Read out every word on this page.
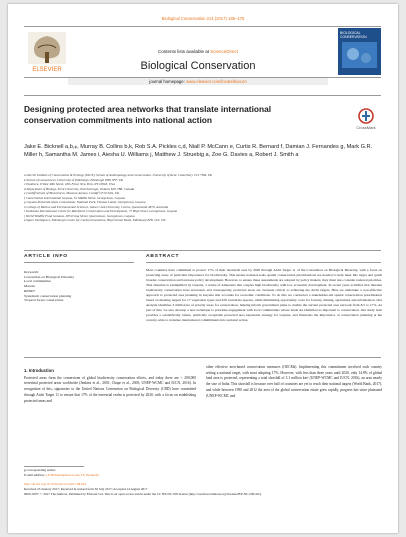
Biological Conservation 214 (2017) 168–175
ELSEVIER
Contents lists available at ScienceDirect
Biological Conservation
journal homepage: www.elsevier.com/locate/biocon
BIOLOGICAL CONSERVATION
Designing protected area networks that translate international conservation commitments into national action
CrossMark
Jake E. Bicknell a,b,⁎, Murray B. Collins b,k, Rob S.A. Pickles c,d, Niall P. McCann e, Curtis R. Bernard f, Damian J. Fernandes g, Mark G.R. Miller h, Samantha M. James i, Aiesha U. Williams j, Matthew J. Struebig a, Zoe G. Davies a, Robert J. Smith a
a Durrell Institute of Conservation & Ecology (DICE), School of Anthropology and Conservation, University of Kent, Canterbury CT2 7NR, UK
b School of Geosciences, University of Edinburgh, Edinburgh EH9 3FF, UK
c Panthera, 8 West 40th Street, 18th Floor, New York, NY 10018, USA
d Department of Biology, Trent University, Peterborough, Ontario K9J 7B8, Canada
e Cardiff School of Biosciences, Museum Avenue, Cardiff CF10 3AX, UK
f Conservation International Guyana, 91 Middle Street, Georgetown, Guyana
g Guyana Protected Areas Commission, National Park, Thomas Lands, Georgetown, Guyana
h College of Marine and Environmental Sciences, James Cook University, Cairns, Queensland 4870, Australia
i Iwokrama International Centre for Rainforest Conservation and Development, 77 High Street, Georgetown, Guyana
j World Wildlife Fund Guianas, 285 Irving Street, Queenstown, Georgetown, Guyana
k Space Intelligence, Edinburgh Centre for Carbon Innovation, High School Yards, Edinburgh EH1 1LZ, UK
ARTICLE INFO	ABSTRACT
Keywords:
Convention on Biological Diversity
Local communities
Marxan
REDD+
Systematic conservation planning
Tropical forest conservation
Most countries have committed to protect 17% of their terrestrial area by 2020 through Aichi Target 11 of the Convention on Biological Diversity, with a focus on protecting areas of particular importance for biodiversity. This means national-scale spatial conservation prioritisations are needed to help meet this target and guide broader conservation and land-use policy development. However, to ensure these assessments are adopted by policy makers, they must also consider national priorities. This situation is exemplified by Guyana, a centre of Amazonia that couples high biodiversity with low economic development. In recent years activities that threaten biodiversity conservation have increased, and consequently, protected areas are overseen critical to achieving the Aichi targets. Here we undertake a cost-effective approach to protected area planning in Guyana that accounts for economic conditions. To do this we conducted a stakeholder-led spatial conservation prioritisation based on meeting targets for 17 vegetation types and 329 vertebrate species, while minimising opportunity costs for forestry, mining, agriculture and urbanisation. Our analysis identifies 3 million ha of priority areas for conservation, helping inform government plans to double the current protected area network from 8.5 to 17%. As part of this, we also develop a new technique to prioritise engagement with local communities whose lands are identified as important to conservation. Our study both provides a scientifically robust, politically acceptable protected area expansion strategy for Guyana, and illustrates the importance of conservation planning at the country-wide to translate international commitments into national action.
1. Introduction
Protected areas form the cornerstone of global biodiversity conservation efforts, and today there are > 200,000 terrestrial protected areas worldwide (Jenkins et al., 2001; Chape et al., 2005; UNEP-WCMC and IUCN, 2016). In recognition of this, signatories to the United Nations Convention on Biological Diversity (CBD) have committed through Aichi Target 11 to ensure that 17% of the terrestrial realm is protected by 2020, with a focus on establishing protected areas and
other effective area-based conservation measures (OECMs). Implementing this commitment involved each country setting a national target, with most adopting 17%. However, with less than three years until 2020, only 14.8% of global land area is protected, representing a total shortfall of 3.1 million km² (UNEP-WCMC and IUCN, 2016), an area nearly the size of India. This shortfall is because over half of countries are yet to reach their national targets (World Bank, 2017), and while between 1990 and 2012 the area of the global conservation estate grew rapidly, progress has since plateaued (UNEP-WCMC and
⁎ Corresponding author.
E-mail address: J.E.Bicknell@kent.ac.uk (J.E. Bicknell).
http://dx.doi.org/10.1016/j.biocon.2017.08.024
Received 23 January 2017; Received in revised form 30 July 2017; Accepted 14 August 2017
0006-3207/ © 2017 The Authors. Published by Elsevier Ltd. This is an open access article under the CC BY-NC-ND license (http://creativecommons.org/licenses/BY-NC-ND/4.0/).
